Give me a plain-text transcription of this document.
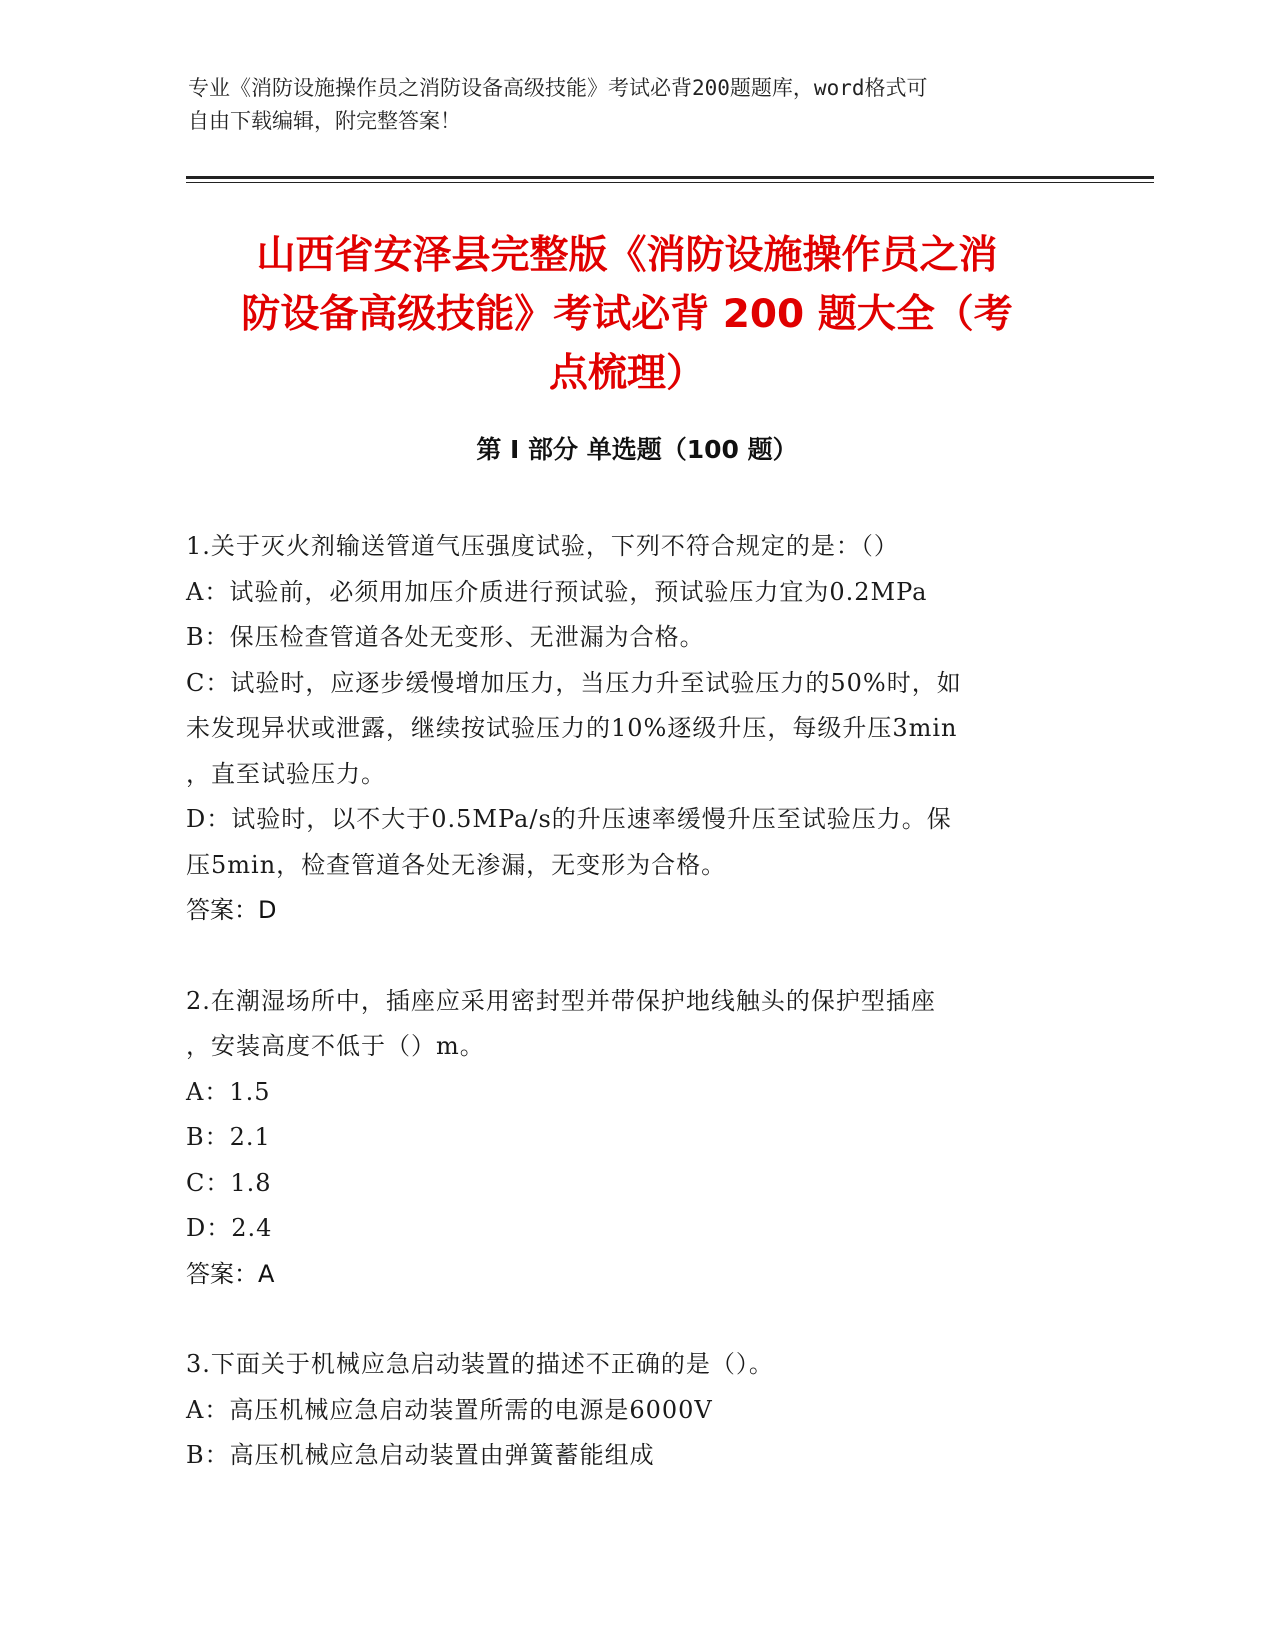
专业《消防设施操作员之消防设备高级技能》考试必背200题题库，word格式可
自由下载编辑，附完整答案！
山西省安泽县完整版《消防设施操作员之消
防设备高级技能》考试必背 200 题大全（考
点梳理）
第 I 部分 单选题（100 题）
1.关于灭火剂输送管道气压强度试验，下列不符合规定的是：（）
A：试验前，必须用加压介质进行预试验，预试验压力宜为0.2MPa
B：保压检查管道各处无变形、无泄漏为合格。
C：试验时，应逐步缓慢增加压力，当压力升至试验压力的50%时，如
未发现异状或泄露，继续按试验压力的10%逐级升压，每级升压3min
，直至试验压力。
D：试验时，以不大于0.5MPa/s的升压速率缓慢升压至试验压力。保
压5min，检查管道各处无渗漏，无变形为合格。
答案：D
2.在潮湿场所中，插座应采用密封型并带保护地线触头的保护型插座
，安装高度不低于（）m。
A：1.5
B：2.1
C：1.8
D：2.4
答案：A
3.下面关于机械应急启动装置的描述不正确的是（）。
A：高压机械应急启动装置所需的电源是6000V
B：高压机械应急启动装置由弹簧蓄能组成
